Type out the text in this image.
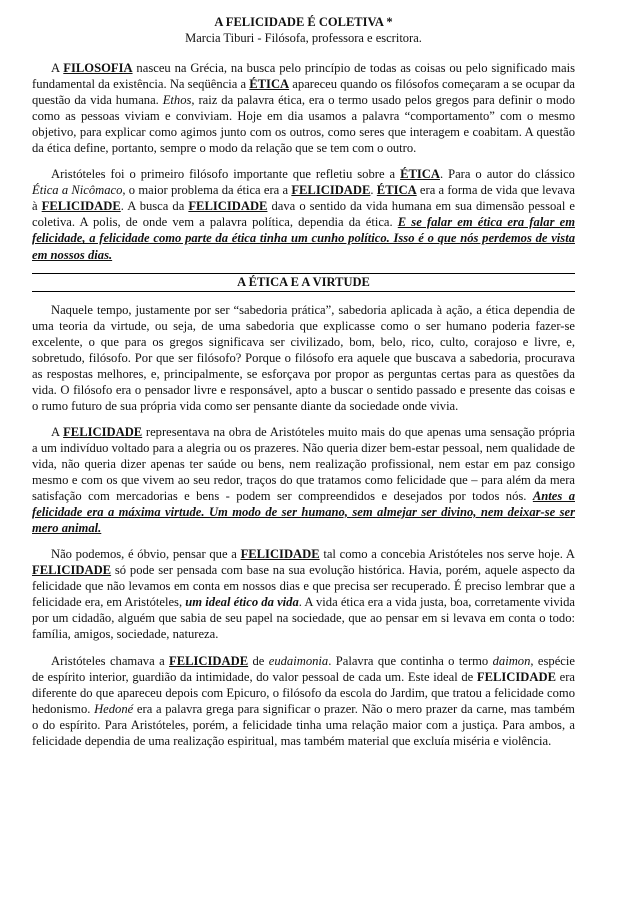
A FELICIDADE É COLETIVA *
Marcia Tiburi - Filósofa, professora e escritora.

A FILOSOFIA nasceu na Grécia, na busca pelo princípio de todas as coisas ou pelo significado mais fundamental da existência. Na seqüência a ÉTICA apareceu quando os filósofos começaram a se ocupar da questão da vida humana. Ethos, raiz da palavra ética, era o termo usado pelos gregos para definir o modo como as pessoas viviam e conviviam. Hoje em dia usamos a palavra “comportamento” com o mesmo objetivo, para explicar como agimos junto com os outros, como seres que interagem e coabitam. A questão da ética define, portanto, sempre o modo da relação que se tem com o outro.

Aristóteles foi o primeiro filósofo importante que refletiu sobre a ÉTICA. Para o autor do clássico Ética a Nicômaco, o maior problema da ética era a FELICIDADE. ÉTICA era a forma de vida que levava à FELICIDADE. A busca da FELICIDADE dava o sentido da vida humana em sua dimensão pessoal e coletiva. A polis, de onde vem a palavra política, dependia da ética. E se falar em ética era falar em felicidade, a felicidade como parte da ética tinha um cunho político. Isso é o que nós perdemos de vista em nossos dias.

A ÉTICA E A VIRTUDE

Naquele tempo, justamente por ser “sabedoria prática”, sabedoria aplicada à ação, a ética dependia de uma teoria da virtude, ou seja, de uma sabedoria que explicasse como o ser humano poderia fazer-se excelente, o que para os gregos significava ser civilizado, bom, belo, rico, culto, corajoso e livre, e, sobretudo, filósofo. Por que ser filósofo? Porque o filósofo era aquele que buscava a sabedoria, procurava as respostas melhores, e, principalmente, se esforçava por propor as perguntas certas para as questões da vida. O filósofo era o pensador livre e responsável, apto a buscar o sentido passado e presente das coisas e o rumo futuro de sua própria vida como ser pensante diante da sociedade onde vivia.

A FELICIDADE representava na obra de Aristóteles muito mais do que apenas uma sensação própria a um indivíduo voltado para a alegria ou os prazeres. Não queria dizer bem-estar pessoal, nem qualidade de vida, não queria dizer apenas ter saúde ou bens, nem realização profissional, nem estar em paz consigo mesmo e com os que vivem ao seu redor, traços do que tratamos como felicidade que – para além da mera satisfação com mercadorias e bens - podem ser compreendidos e desejados por todos nós. Antes a felicidade era a máxima virtude. Um modo de ser humano, sem almejar ser divino, nem deixar-se ser mero animal.

Não podemos, é óbvio, pensar que a FELICIDADE tal como a concebia Aristóteles nos serve hoje. A FELICIDADE só pode ser pensada com base na sua evolução histórica. Havia, porém, aquele aspecto da felicidade que não levamos em conta em nossos dias e que precisa ser recuperado. É preciso lembrar que a felicidade era, em Aristóteles, um ideal ético da vida. A vida ética era a vida justa, boa, corretamente vivida por um cidadão, alguém que sabia de seu papel na sociedade, que ao pensar em si levava em conta o todo: família, amigos, sociedade, natureza.

Aristóteles chamava a FELICIDADE de eudaimonia. Palavra que continha o termo daimon, espécie de espírito interior, guardião da intimidade, do valor pessoal de cada um. Este ideal de FELICIDADE era diferente do que apareceu depois com Epicuro, o filósofo da escola do Jardim, que tratou a felicidade como hedonismo. Hedoné era a palavra grega para significar o prazer. Não o mero prazer da carne, mas também o do espírito. Para Aristóteles, porém, a felicidade tinha uma relação maior com a justiça. Para ambos, a felicidade dependia de uma realização espiritual, mas também material que excluía miséria e violência.
